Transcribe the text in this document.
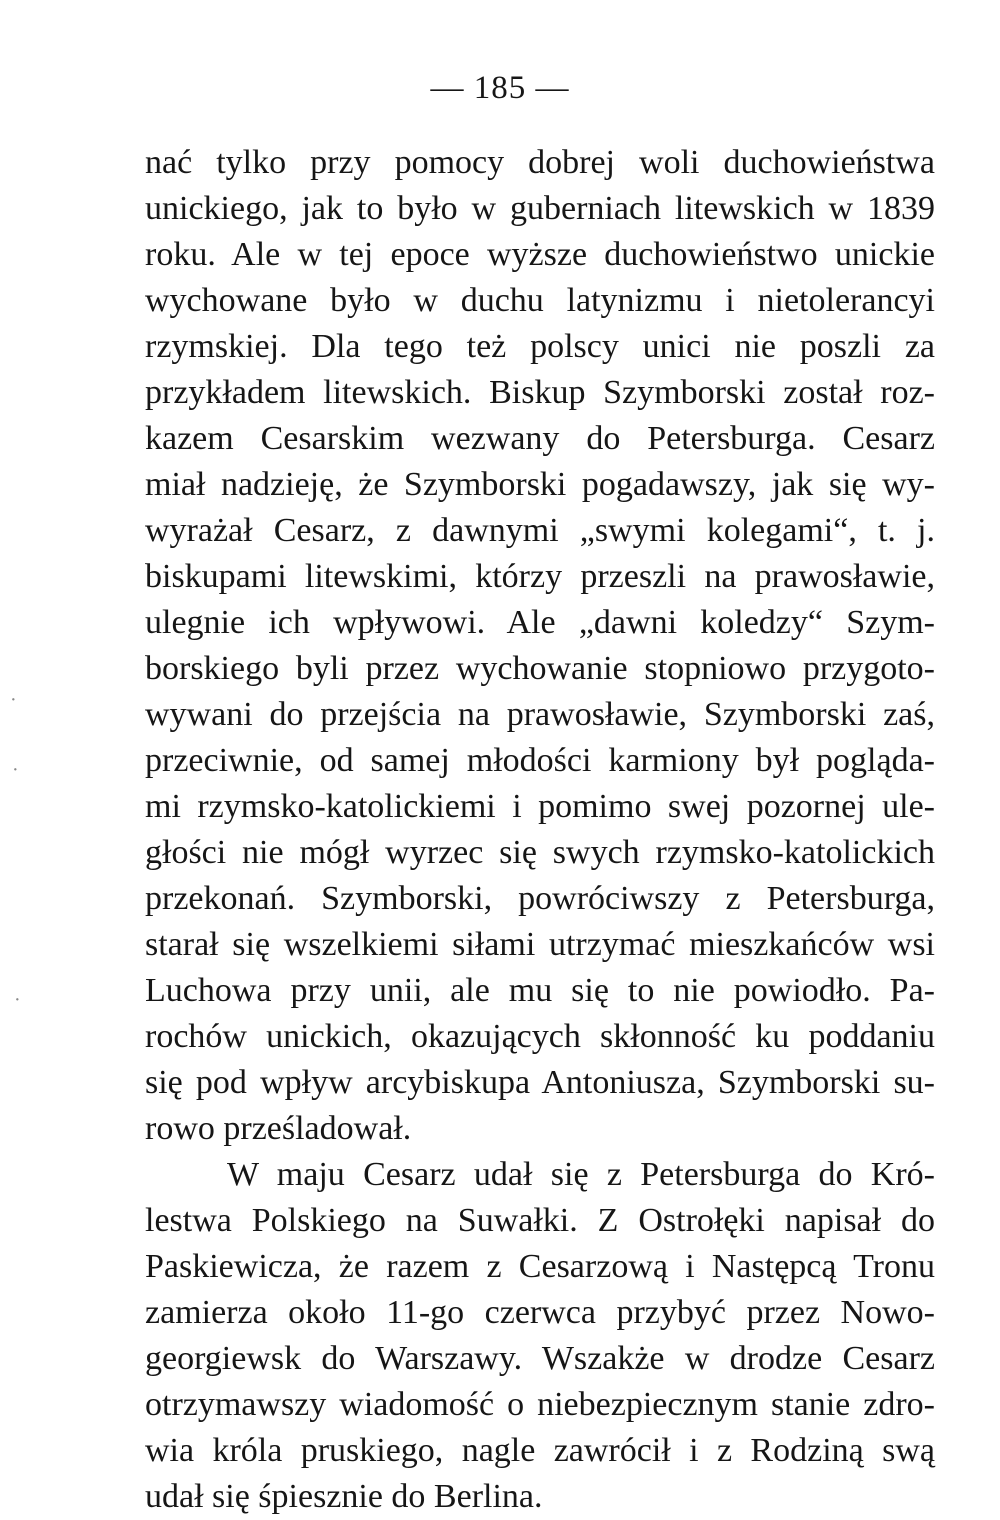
— 185 —
nać tylko przy pomocy dobrej woli duchowieństwa
unickiego, jak to było w guberniach litewskich w 1839
roku. Ale w tej epoce wyższe duchowieństwo unickie
wychowane było w duchu latynizmu i nietolerancyi
rzymskiej. Dla tego też polscy unici nie poszli za
przykładem litewskich. Biskup Szymborski został roz-
kazem Cesarskim wezwany do Petersburga. Cesarz
miał nadzieję, że Szymborski pogadawszy, jak się wy-
wyrażał Cesarz, z dawnymi „swymi kolegami“, t. j.
biskupami litewskimi, którzy przeszli na prawosławie,
ulegnie ich wpływowi. Ale „dawni koledzy“ Szym-
borskiego byli przez wychowanie stopniowo przygoto-
wywani do przejścia na prawosławie, Szymborski zaś,
przeciwnie, od samej młodości karmiony był pogląda-
mi rzymsko-katolickiemi i pomimo swej pozornej ule-
głości nie mógł wyrzec się swych rzymsko-katolickich
przekonań. Szymborski, powróciwszy z Petersburga,
starał się wszelkiemi siłami utrzymać mieszkańców wsi
Luchowa przy unii, ale mu się to nie powiodło. Pa-
rochów unickich, okazujących skłonność ku poddaniu
się pod wpływ arcybiskupa Antoniusza, Szymborski su-
rowo prześladował.
W maju Cesarz udał się z Petersburga do Kró-
lestwa Polskiego na Suwałki. Z Ostrołęki napisał do
Paskiewicza, że razem z Cesarzową i Następcą Tronu
zamierza około 11-go czerwca przybyć przez Nowo-
georgiewsk do Warszawy. Wszakże w drodze Cesarz
otrzymawszy wiadomość o niebezpiecznym stanie zdro-
wia króla pruskiego, nagle zawrócił i z Rodziną swą
udał się śpiesznie do Berlina.
·
·
·
